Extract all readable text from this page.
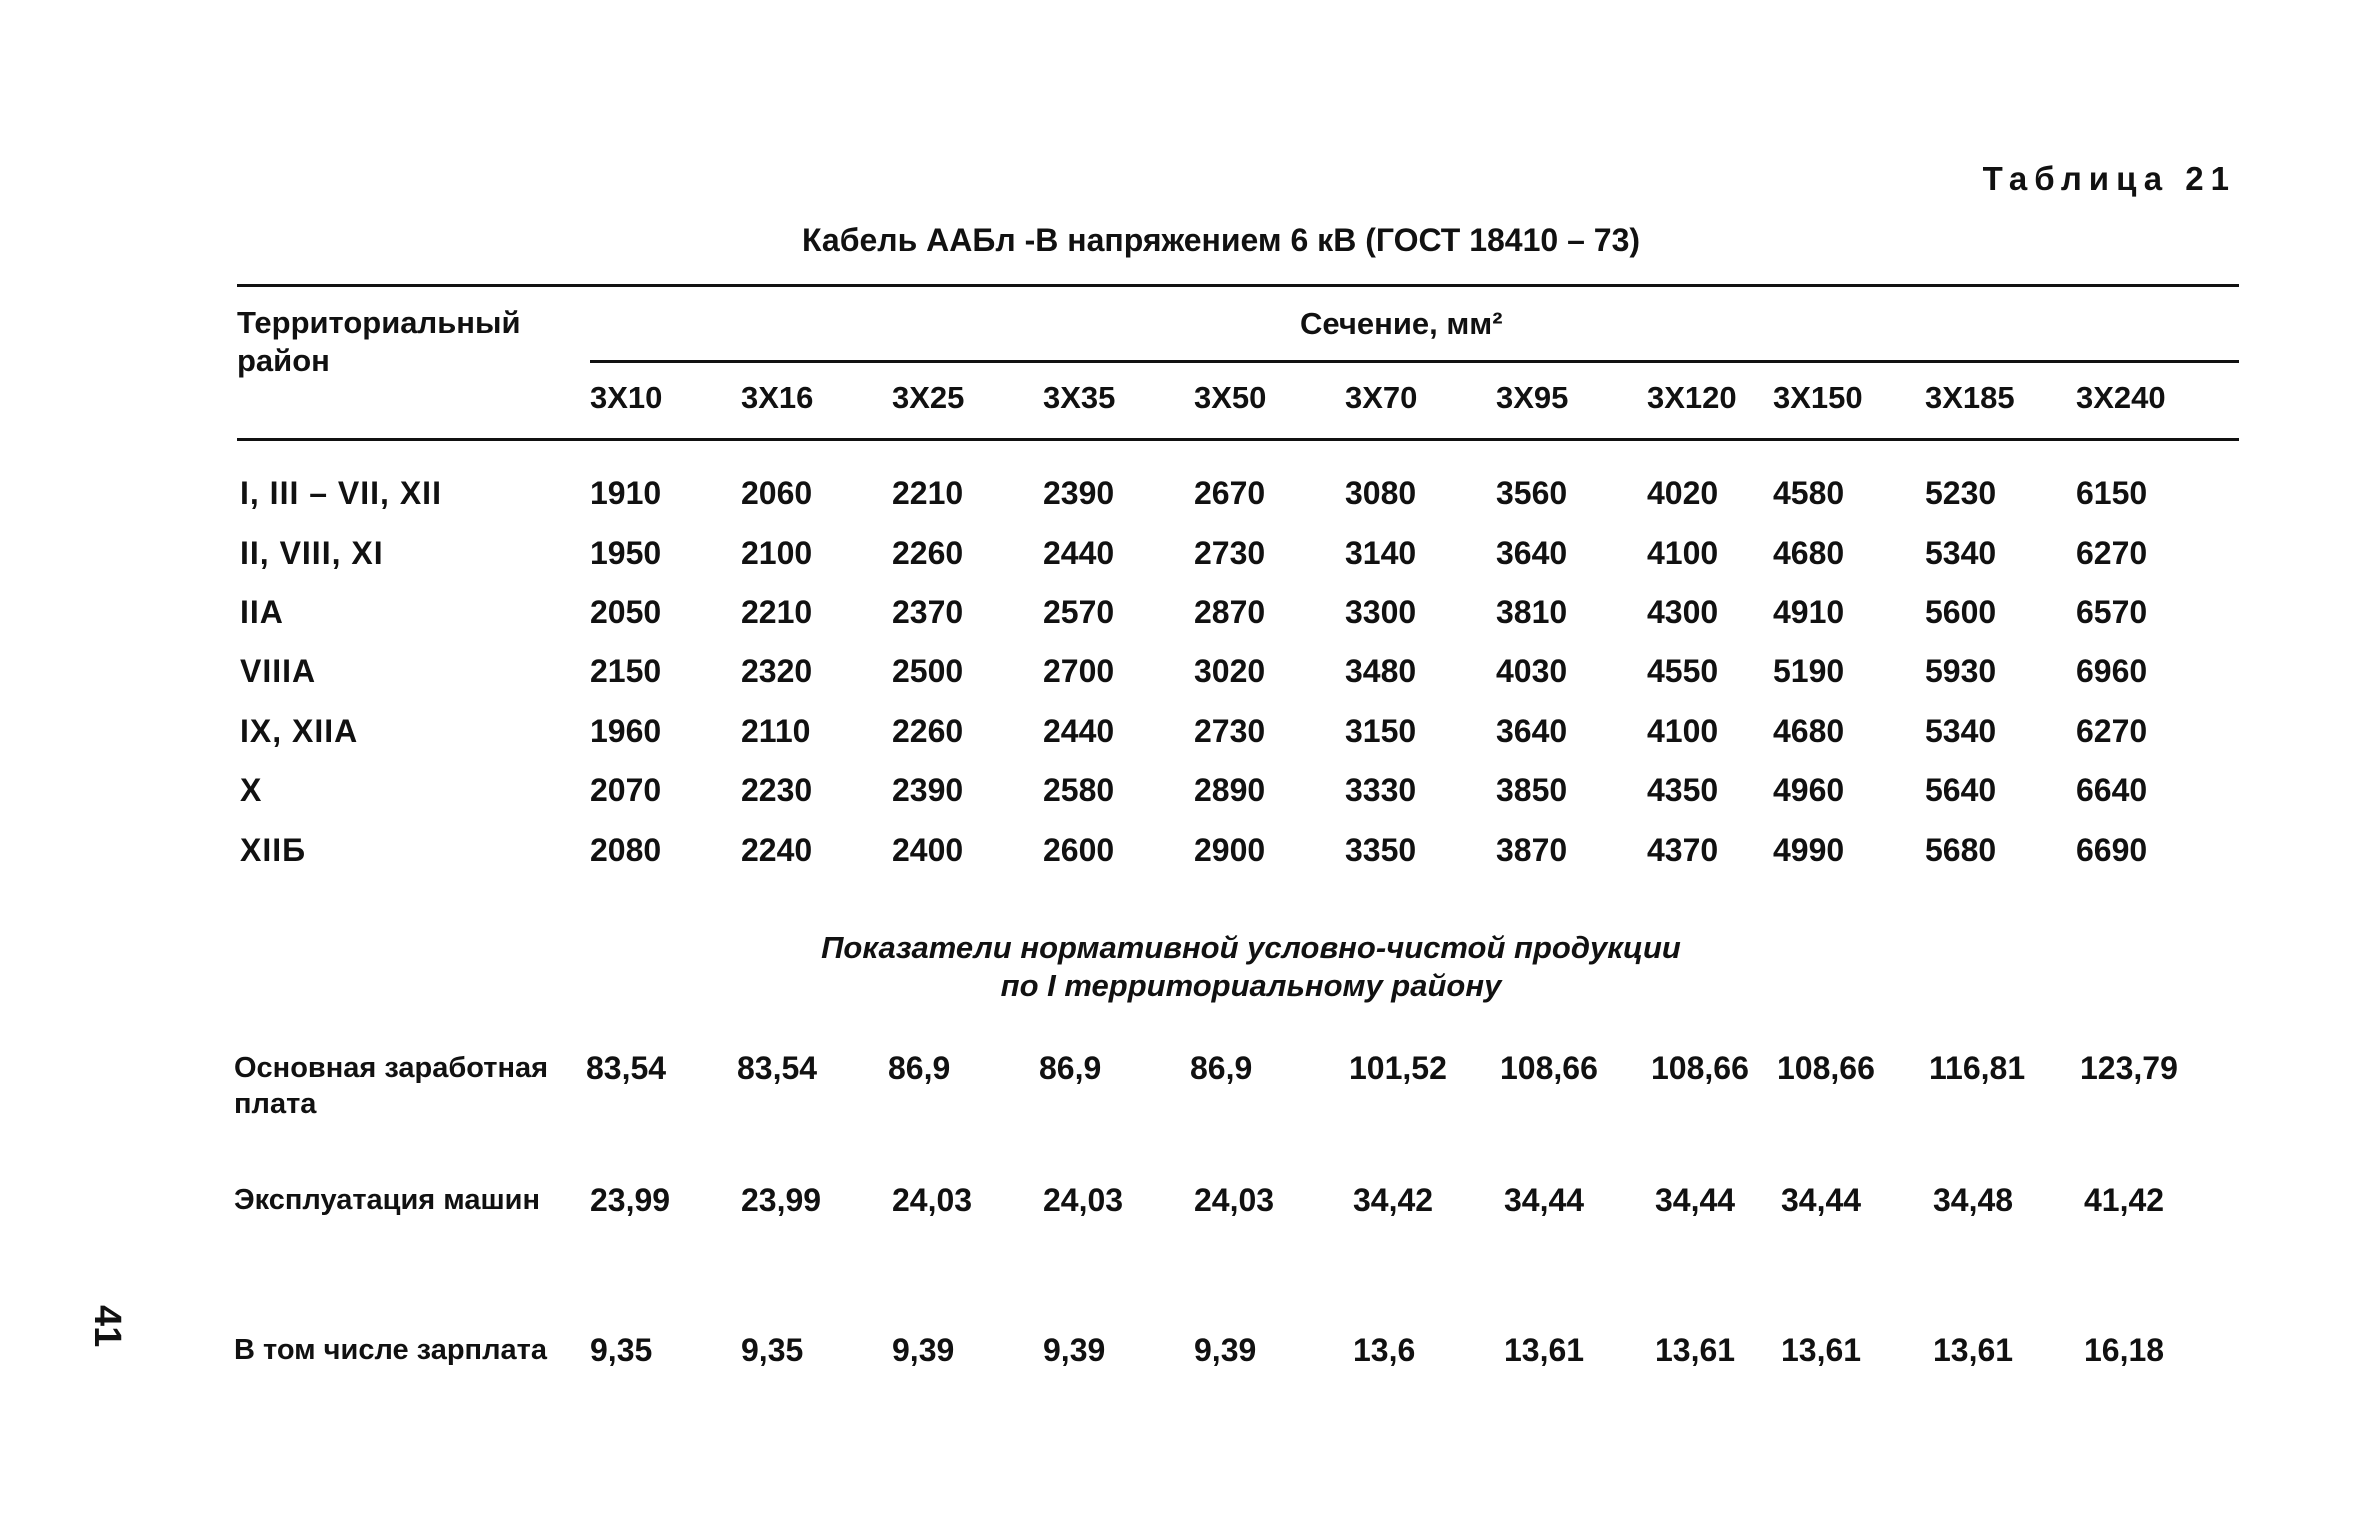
Таблица 21
Кабель ААБл -В напряжением 6 кВ (ГОСТ 18410 – 73)
Территориальный
район
Сечение, мм²
3X10	3X16	3X25	3X35	3X50	3X70	3X95	3X120 3X150 3X185 3X240
I, III – VII, XII	1910 2060 2210 2390 2670 3080 3560 4020 4580	5230 6150
II, VIII, XI	1950 2100 2260 2440 2730 3140 3640 4100 4680	5340 6270
IIA	2050 2210 2370 2570 2870 3300 3810 4300 4910	5600 6570
VIIIA	2150 2320 2500 2700 3020 3480 4030 4550 5190	5930 6960
IX, XIIA	1960 2110	2260 2440 2730 3150 3640 4100 4680	5340 6270
X	2070 2230 2390 2580 2890 3330 3850 4350 4960	5640 6640
XIIБ	2080 2240 2400 2600 2900 3350 3870 4370 4990	5680 6690
Показатели нормативной условно-чистой продукции
по I территориальному району
Основная заработная
плата
83,54 83,54 86,9	86,9	86,9	101,52 108,66 108,66 108,66 116,81 123,79
Эксплуатация машин 23,99 23,99 24,03 24,03 24,03 34,42 34,44 34,44 34,44 34,48 41,42
В том числе зарплата 9,35	9,35	9,39	9,39	9,39	13,6	13,61 13,61 13,61 13,61 16,18
41
